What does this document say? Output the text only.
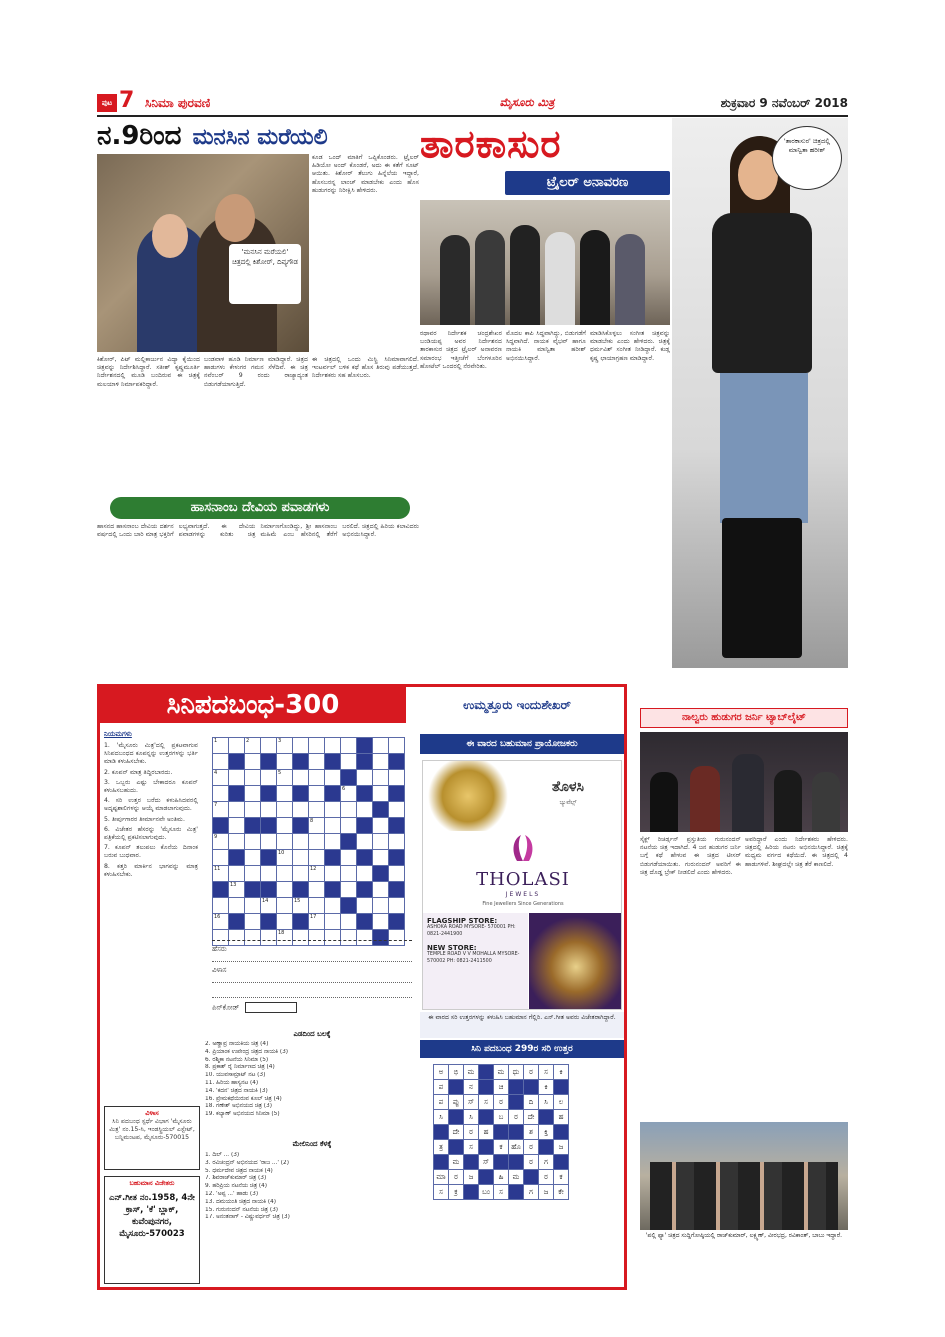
ಪುಟ 7 ಸಿನಿಮಾ ಪುರವಣಿ	ಮೈಸೂರು ಮಿತ್ರ	ಶುಕ್ರವಾರ 9 ನವೆಂಬರ್ 2018
ನ.9ರಿಂದ ಮನಸಿನ ಮರೆಯಲಿ
'ಮನಸಿನ ಮರೆಯಲಿ' ಚಿತ್ರದಲ್ಲಿ ಕಿಶೋರ್, ದಿವ್ಯಗೌಡ
ಕೂಡ ಒಂದ್ ಮಾತಿಗೆ ಒಪ್ಪಿಕೊಂಡರು. ಟ್ರೈಲರ್ ಹಿಡಿಯೋ ಅಂದ್ ಕೊಂಡರೆ, ಅದು ಈ ಕತೆಗೆ ಸೂಟ್ ಆಯಿತು. ಕಿಶೋರ್ ತೆಲುಗು ಹಿನ್ನೆಲೆಯ ಇದ್ದಾರೆ, ಹೊಸಬರನ್ನ ಲಾಂಚ್ ಮಾಡಬೇಕು ಎಂದು ಹೊಸ ಹುಡುಗರನ್ನು ನಿರೀಕ್ಷಿಸಿ ಹೇಳಿದರು.
ಕಿಶೋರ್, ಪಿಟ್ ಮಲ್ಲಿಕಾರ್ಜುನ ವಿದ್ಯಾ ಕೈಯಿಂದ ಚಿತ್ರವನ್ನು ನಿರ್ದೇಶಿಸಿದ್ದಾರೆ. ಸತೀಶ್ ಕೃಷ್ಣಮೂರ್ತಿ ನಿರ್ದೇಶನದಲ್ಲಿ ಮೂಡಿ ಬಂದಿರುವ ಈ ಚಿತ್ರಕ್ಕೆ ಮಲಯಾಳಿ ನಿರ್ಮಾಪಕರಿದ್ದಾರೆ.
ಬಂಡವಾಳ ಹೂಡಿ ನಿರ್ಮಾಣ ಮಾಡಿದ್ದಾರೆ. ಚಿತ್ರದ ಹಾಡುಗಳು ಕೇಳುಗರ ಗಮನ ಸೆಳೆದಿವೆ. ಈ ಚಿತ್ರ ನವೆಂಬರ್ 9 ರಂದು ರಾಜ್ಯಾದ್ಯಂತ ಬಿಡುಗಡೆಯಾಗುತ್ತಿದೆ.
ಈ ಚಿತ್ರದಲ್ಲಿ ಒಂದು ಮಿಸ್ಟ್ರಿ ಸಿನಿಮಾವಾಗಲಿದೆ. ಇಂಟರ್ವಲ್ ಬಳಿಕ ಕಥೆ ಹೊಸ ತಿರುವು ಪಡೆಯುತ್ತದೆ. ನಿರ್ದೇಶಕರು ಸಹ ಹೊಸಬರು.
ತಾರಕಾಸುರ
ಟ್ರೈಲರ್ ಅನಾವರಣ
'ತಾರಕಾಸುರ' ಚಿತ್ರದಲ್ಲಿ ಮಾನ್ವಿತಾ ಹರೀಶ್
ರಥಾವರ ನಿರ್ದೇಶಕ ಚಂದ್ರಶೇಖರ ಬಂಡಿಯಪ್ಪ ಅವರ ನಿರ್ದೇಶನದ ತಾರಕಾಸುರ ಚಿತ್ರದ ಟ್ರೈಲರ್ ಅನಾವರಣ ಸಮಾರಂಭ ಇತ್ತೀಚೆಗೆ ಬೆಂಗಳೂರಿನ ಹೋಟೆಲ್ ಒಂದರಲ್ಲಿ ನೆರವೇರಿತು.
ಮೊದಲ ಕಾಪಿ ಸಿದ್ಧವಾಗಿದ್ದು, ಬಿಡುಗಡೆಗೆ ಸಿದ್ಧವಾಗಿದೆ. ನಾಯಕ ವೈಭವ್ ಹಾಗೂ ನಾಯಕಿ ಮಾನ್ವಿತಾ ಹರೀಶ್ ಅಭಿನಯಿಸಿದ್ದಾರೆ.
ಮಾಡಿಸಿಕೊಳ್ಳಲು ಸಂಗೀತ ಚಿತ್ರವನ್ನು ಮಾಡಬೇಕು ಎಂದು ಹೇಳಿದರು. ಚಿತ್ರಕ್ಕೆ ಧರ್ಮವಿಶ್ ಸಂಗೀತ ನೀಡಿದ್ದಾರೆ. ಕುಡ್ಲ ಕೃಷ್ಣ ಛಾಯಾಗ್ರಹಣ ಮಾಡಿದ್ದಾರೆ.
ಹಾಸನಾಂಬ ದೇವಿಯ ಪವಾಡಗಳು
ಹಾಸನದ ಹಾಸನಾಂಬ ದೇವಿಯ ದರ್ಶನ ವರ್ಷದಲ್ಲಿ ಒಂದು ಬಾರಿ ಮಾತ್ರ ಭಕ್ತರಿಗೆ ಲಭ್ಯವಾಗುತ್ತದೆ. ಈ ದೇವಿಯ ಪವಾಡಗಳನ್ನು ಕುರಿತು ಚಿತ್ರ ನಿರ್ಮಾಣಗೊಂಡಿದ್ದು, ಶ್ರೀ ಹಾಸನಾಂಬ ಮಹಿಮೆ ಎಂಬ ಹೆಸರಿನಲ್ಲಿ ತೆರೆಗೆ ಬರಲಿದೆ. ಚಿತ್ರದಲ್ಲಿ ಹಿರಿಯ ಕಲಾವಿದರು ಅಭಿನಯಿಸಿದ್ದಾರೆ.
ಸಿನಿಪದಬಂಧ-300	ಉಮ್ಮತ್ತೂರು ಇಂದುಶೇಖರ್
ನಿಯಮಗಳು
1. 'ಮೈಸೂರು ಮಿತ್ರ'ದಲ್ಲಿ ಪ್ರಕಟವಾಗುವ ಸಿನಿಪದಬಂಧದ ಕೂಪನ್ನನ್ನು ಉತ್ತರಗಳನ್ನು ಭರ್ತಿ ಮಾಡಿ ಕಳುಹಿಸಬೇಕು.
2. ಕೂಪನ್ ಮಾತ್ರ ತಿದ್ದಿರಬಾರದು.
3. ಒಬ್ಬರು ಎಷ್ಟು ಬೇಕಾದರೂ ಕೂಪನ್ ಕಳುಹಿಸಬಹುದು.
4. ಸರಿ ಉತ್ತರ ಬರೆದು ಕಳುಹಿಸಿದವರಲ್ಲಿ ಅದೃಷ್ಟಶಾಲಿಗಳನ್ನು ಆಯ್ಕೆ ಮಾಡಲಾಗುವುದು.
5. ತೀರ್ಪುಗಾರರ ತೀರ್ಮಾನವೇ ಅಂತಿಮ.
6. ವಿಜೇತರ ಹೆಸರನ್ನು 'ಮೈಸೂರು ಮಿತ್ರ' ಪತ್ರಿಕೆಯಲ್ಲಿ ಪ್ರಕಟಿಸಲಾಗುವುದು.
7. ಕೂಪನ್ ತಲುಪಲು ಕೊನೆಯ ದಿನಾಂಕ ಬರುವ ಬುಧವಾರ.
8. ಕತ್ತರಿ ಮಾರ್ಕಿನ ಭಾಗವನ್ನು ಮಾತ್ರ ಕಳುಹಿಸಬೇಕು.
ವಿಳಾಸ
ಸಿನಿ ಪದಬಂಧ ಸ್ಪರ್ಧೆ ವಿಭಾಗ 'ಮೈಸೂರು ಮಿತ್ರ' ನಂ.15-ಸಿ, ಇಂಡಸ್ಟ್ರಿಯಲ್ ಎಸ್ಟೇಟ್, ಬನ್ನಿಮಂಟಪ, ಮೈಸೂರು-570015
ಬಹುಮಾನ ವಿಜೇತರು
ಎನ್.ಗೀತ ನಂ.1958, 4ನೇ ಕ್ರಾಸ್, 'ಕೆ' ಬ್ಲಾಕ್, ಕುವೆಂಪುನಗರ, ಮೈಸೂರು-570023
1		2		3							

4				5							

								6			

7											

						8					

9											

				10							

11						12					

	13										

			14		15						

16						17					

				18							

ಹೆಸರು
ವಿಳಾಸ
ಪಿನ್‌ಕೋಡ್
ಎಡದಿಂದ ಬಲಕ್ಕೆ
2. ಅಣ್ಣಾವ್ರ ನಾಯಕಿಯ ಚಿತ್ರ (4)
4. ಪ್ರಿಯಾಂಕ ಉಪೇಂದ್ರ ಚಿತ್ರದ ನಾಯಕಿ (3)
6. ರಶ್ಮಿಕಾ ನಟನೆಯ ಸಿನಿಮಾ (5)
8. ಪ್ರಕಾಶ್ ರೈ ನಿರ್ಮಾಣದ ಚಿತ್ರ (4)
10. ಯುವಸಾಮ್ರಾಟ್ ನಟ (3)
11. ಹಿರಿಯ ಹಾಸ್ಯನಟ (4)
14. 'ಕದನ' ಚಿತ್ರದ ನಾಯಕಿ (3)
16. ಪ್ರೇಮಕಥೆಯಿರುವ ಕೂಲ್ ಚಿತ್ರ (4)
18. ಗಣೇಶ್ ಅಭಿನಯದ ಚಿತ್ರ (3)
19. ಕಲ್ಯಾಣ್ ಅಭಿನಯದ ಸಿನಿಮಾ (5)
ಮೇಲಿನಿಂದ ಕೆಳಕ್ಕೆ
1. ದಿಲ್ ... (3)
3. ರವಿಚಂದ್ರನ್ ಅಭಿನಯದ 'ರಾಜ ...' (2)
5. ಧರ್ಮದೇವ ಚಿತ್ರದ ನಾಯಕ (4)
7. ಶಿವರಾಜ್‌ಕುಮಾರ್ ಚಿತ್ರ (3)
9. ಹರಿಪ್ರಿಯ ನಟನೆಯ ಚಿತ್ರ (4)
12. 'ಅಪ್ಪ ...' ಹಾಡು (3)
13. ದಮಯಂತಿ ಚಿತ್ರದ ನಾಯಕಿ (4)
15. ಗುರುನಂದನ್ ನಟನೆಯ ಚಿತ್ರ (3)
17. ಅನಂತನಾಗ್ - ವಿಷ್ಣುವರ್ಧನ್ ಚಿತ್ರ (3)
ಈ ವಾರದ ಬಹುಮಾನ ಪ್ರಾಯೋಜಕರು
ತೊಳಸಿ
ಜ್ಯುವೆಲ್ಸ್
THOLASI
JEWELS
Fine Jewellers Since Generations
FLAGSHIP STORE:
ASHOKA ROAD MYSORE- 570001 PH: 0821-2441900
NEW STORE:
TEMPLE ROAD V V MOHALLA MYSORE- 570002 PH: 0821-2411500
ಈ ವಾರದ ಸರಿ ಉತ್ತರಗಳನ್ನು ಕಳುಹಿಸಿ ಬಹುಮಾನ ಗೆಲ್ಲಿರಿ. ಎನ್.ಗೀತ ಅವರು ವಿಜೇತರಾಗಿದ್ದಾರೆ.
ಸಿನಿ ಪದಬಂಧ 299ರ ಸರಿ ಉತ್ತರ
ಅ	ಭಿ	ಮ		ಮ	ಧು	ರ	ಸ	ಕಿ
ಪ		ನ		ಚಿ			ಕಿ	
ಪ	ಪ್ಪು	ಸ್	ಸ	ರ		ದಿ	ಸಿ	ಲ
ಸಿ		ಸಿ		ಬ	ರ	ದೇ		ಹ
	ದೇ	ರ	ಹ			ಶ	ಕ್ತಿ	
ತ್ರ		ಸ		ಕ	ಹೊ	ರ		ಜ
	ಮ		ಸ್			ರ	ಗ	
ಮಾ	ರ	ಜ		ಹಿ	ಮ		ರ	ಕ
ಸ	ಕ್ರ		ಬಂ	ಸ		ಗ	ಜ	ಕೇ
ನಾಲ್ವರು ಹುಡುಗರ ಜರ್ನಿ ಟ್ಯಾಬ್‌ಲೈಟ್
ಸೈಕ್ಲ್ ರಿಚರ್ಡ್ಸನ್ ಪ್ರಸ್ತುತಿಯ ಗುರುನಂದನ್ ನಟನೆಯ ಚಿತ್ರ ಇದಾಗಿದೆ. 4 ಜನ ಹುಡುಗರ ಜರ್ನಿ ಬಗ್ಗೆ ಕಥೆ ಹೇಳುವ ಈ ಚಿತ್ರದ ಟೀಸರ್ ಬಿಡುಗಡೆಯಾಯಿತು. ಗುರುನಂದನ್ ಅವರಿಗೆ ಈ ಚಿತ್ರ ದೊಡ್ಡ ಬ್ರೇಕ್ ನೀಡಲಿದೆ ಎಂದು ಹೇಳಿದರು.
ಅವರಿದ್ದಾರೆ ಎಂದು ನಿರ್ದೇಶಕರು ಹೇಳಿದರು. ಚಿತ್ರದಲ್ಲಿ ಹಿರಿಯ ನಟರು ಅಭಿನಯಿಸಿದ್ದಾರೆ. ಚಿತ್ರಕ್ಕೆ ಮಧ್ಯಮ ವರ್ಗದ ಕಥೆಯಿದೆ. ಈ ಚಿತ್ರದಲ್ಲಿ 4 ಹಾಡುಗಳಿವೆ. ಶೀಘ್ರದಲ್ಲೇ ಚಿತ್ರ ತೆರೆ ಕಾಣಲಿದೆ.
'ಪಲ್ಲಿ ಫ್ಯಾ' ಚಿತ್ರದ ಸುದ್ದಿಗೋಷ್ಠಿಯಲ್ಲಿ ರಾಜ್‌ಕುಮಾರ್, ಲಕ್ಷ್ಮಣ್, ವೀರಭದ್ರ, ರವಿಕಾಂತ್, ಬಾಬು ಇದ್ದಾರೆ.
